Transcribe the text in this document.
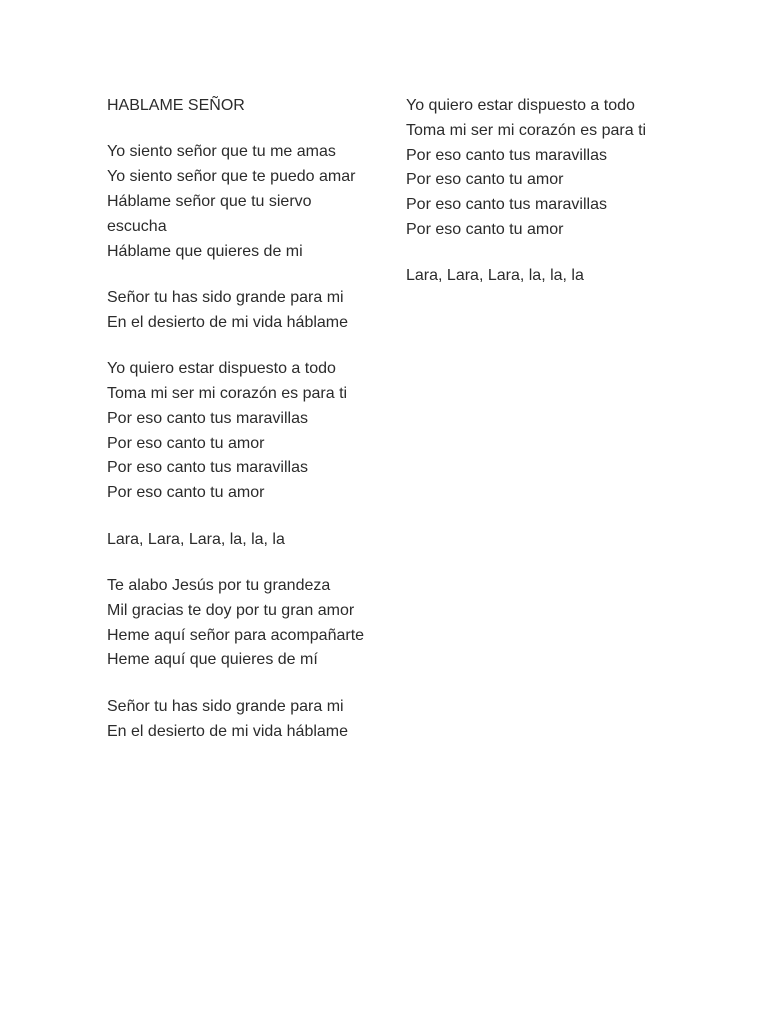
HABLAME SEÑOR
Yo siento señor que tu me amas
Yo siento señor que te puedo amar
Háblame señor que tu siervo escucha
Háblame que quieres de mi
Señor tu has sido grande para mi
En el desierto de mi vida háblame
Yo quiero estar dispuesto a todo
Toma mi ser mi corazón es para ti
Por eso canto tus maravillas
Por eso canto tu amor
Por eso canto tus maravillas
Por eso canto tu amor
Lara, Lara, Lara, la, la, la
Te alabo Jesús por tu grandeza
Mil gracias te doy por tu gran amor
Heme aquí señor para acompañarte
Heme aquí que quieres de mí
Señor tu has sido grande para mi
En el desierto de mi vida háblame
Yo quiero estar dispuesto a todo
Toma mi ser mi corazón es para ti
Por eso canto tus maravillas
Por eso canto tu amor
Por eso canto tus maravillas
Por eso canto tu amor
Lara, Lara, Lara, la, la, la
